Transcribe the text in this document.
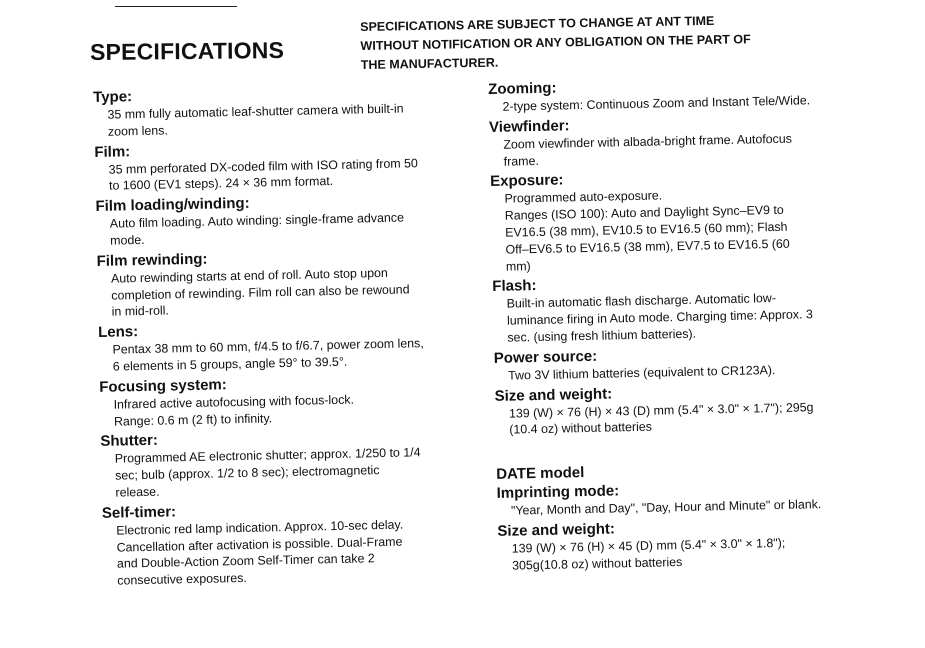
SPECIFICATIONS

SPECIFICATIONS ARE SUBJECT TO CHANGE AT ANT TIME
WITHOUT NOTIFICATION OR ANY OBLIGATION ON THE PART OF
THE MANUFACTURER.

Type:

35 mm fully automatic leaf-shutter camera with built-in
zoom lens.

Film:

35 mm perforated DX-coded film with ISO rating from 50
to 1600 (EV1 steps). 24 × 36 mm format.

Film loading/winding:

Auto film loading. Auto winding: single-frame advance
mode.

Film rewinding:

Auto rewinding starts at end of roll. Auto stop upon
completion of rewinding. Film roll can also be rewound
in mid-roll.

Lens:

Pentax 38 mm to 60 mm, f/4.5 to f/6.7, power zoom lens,
6 elements in 5 groups, angle 59° to 39.5°.

Focusing system:

Infrared active autofocusing with focus-lock.
Range: 0.6 m (2 ft) to infinity.

Shutter:

Programmed AE electronic shutter; approx. 1/250 to 1/4
sec; bulb (approx. 1/2 to 8 sec); electromagnetic
release.

Self-timer:

Electronic red lamp indication. Approx. 10-sec delay.
Cancellation after activation is possible. Dual-Frame
and Double-Action Zoom Self-Timer can take 2
consecutive exposures.

Zooming:

2-type system: Continuous Zoom and Instant Tele/Wide.

Viewfinder:

Zoom viewfinder with albada-bright frame. Autofocus
frame.

Exposure:

Programmed auto-exposure.
Ranges (ISO 100): Auto and Daylight Sync–EV9 to
EV16.5 (38 mm), EV10.5 to EV16.5 (60 mm); Flash
Off–EV6.5 to EV16.5 (38 mm), EV7.5 to EV16.5 (60
mm)

Flash:

Built-in automatic flash discharge. Automatic low-
luminance firing in Auto mode. Charging time: Approx. 3
sec. (using fresh lithium batteries).

Power source:

Two 3V lithium batteries (equivalent to CR123A).

Size and weight:

139 (W) × 76 (H) × 43 (D) mm (5.4" × 3.0" × 1.7"); 295g
(10.4 oz) without batteries

DATE model

Imprinting mode:

"Year, Month and Day", "Day, Hour and Minute" or blank.

Size and weight:

139 (W) × 76 (H) × 45 (D) mm (5.4" × 3.0" × 1.8");
305g(10.8 oz) without batteries
